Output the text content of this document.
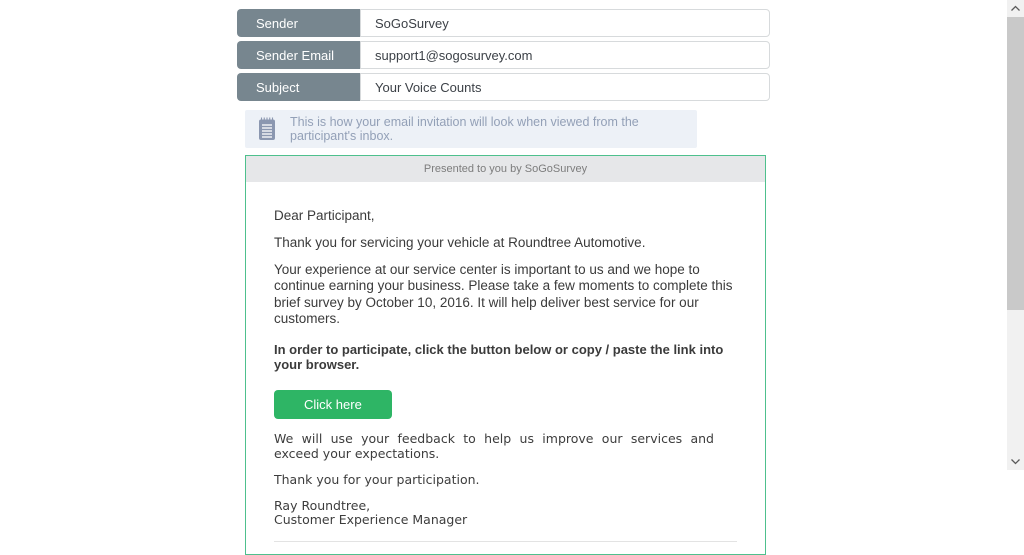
Sender
SoGoSurvey
Sender Email
support1@sogosurvey.com
Subject
Your Voice Counts
This is how your email invitation will look when viewed from the participant's inbox.
Presented to you by SoGoSurvey

Dear Participant,

Thank you for servicing your vehicle at Roundtree Automotive.

Your experience at our service center is important to us and we hope to continue earning your business. Please take a few moments to complete this brief survey by October 10, 2016. It will help deliver best service for our customers.

In order to participate, click the button below or copy / paste the link into your browser.

Click here

We will use your feedback to help us improve our services and exceed your expectations.

Thank you for your participation.

Ray Roundtree,
Customer Experience Manager
